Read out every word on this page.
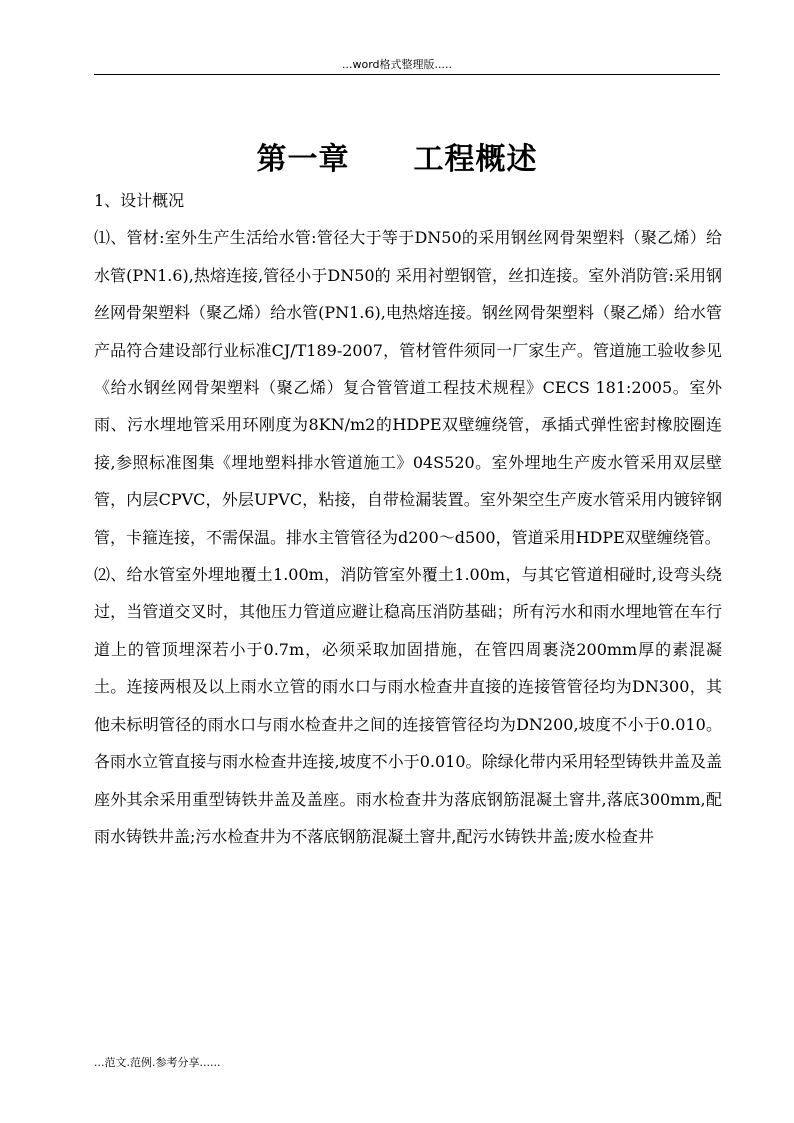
...word格式整理版.....
第一章 工程概述

1、设计概况

⑴、管材:室外生产生活给水管:管径大于等于DN50的采用钢丝网骨架塑料（聚乙烯）给水管(PN1.6),热熔连接,管径小于DN50的 采用衬塑钢管，丝扣连接。室外消防管:采用钢丝网骨架塑料（聚乙烯）给水管(PN1.6),电热熔连接。钢丝网骨架塑料（聚乙烯）给水管产品符合建设部行业标准CJ/T189-2007，管材管件须同一厂家生产。管道施工验收参见《给水钢丝网骨架塑料（聚乙烯）复合管管道工程技术规程》CECS 181:2005。室外雨、污水埋地管采用环刚度为8KN/m2的HDPE双壁缠绕管，承插式弹性密封橡胶圈连接,参照标准图集《埋地塑料排水管道施工》04S520。室外埋地生产废水管采用双层壁管，内层CPVC，外层UPVC，粘接，自带检漏装置。室外架空生产废水管采用内镀锌钢管，卡箍连接，不需保温。排水主管管径为d200～d500，管道采用HDPE双壁缠绕管。

⑵、给水管室外埋地覆土1.00m，消防管室外覆土1.00m，与其它管道相碰时,设弯头绕过，当管道交叉时，其他压力管道应避让稳高压消防基础；所有污水和雨水埋地管在车行道上的管顶埋深若小于0.7m，必须采取加固措施，在管四周裹浇200mm厚的素混凝土。连接两根及以上雨水立管的雨水口与雨水检查井直接的连接管管径均为DN300，其他未标明管径的雨水口与雨水检查井之间的连接管管径均为DN200,坡度不小于0.010。各雨水立管直接与雨水检查井连接,坡度不小于0.010。除绿化带内采用轻型铸铁井盖及盖座外其余采用重型铸铁井盖及盖座。雨水检查井为落底钢筋混凝土窨井,落底300mm,配雨水铸铁井盖;污水检查井为不落底钢筋混凝土窨井,配污水铸铁井盖;废水检查井

...范文.范例.参考分享......
